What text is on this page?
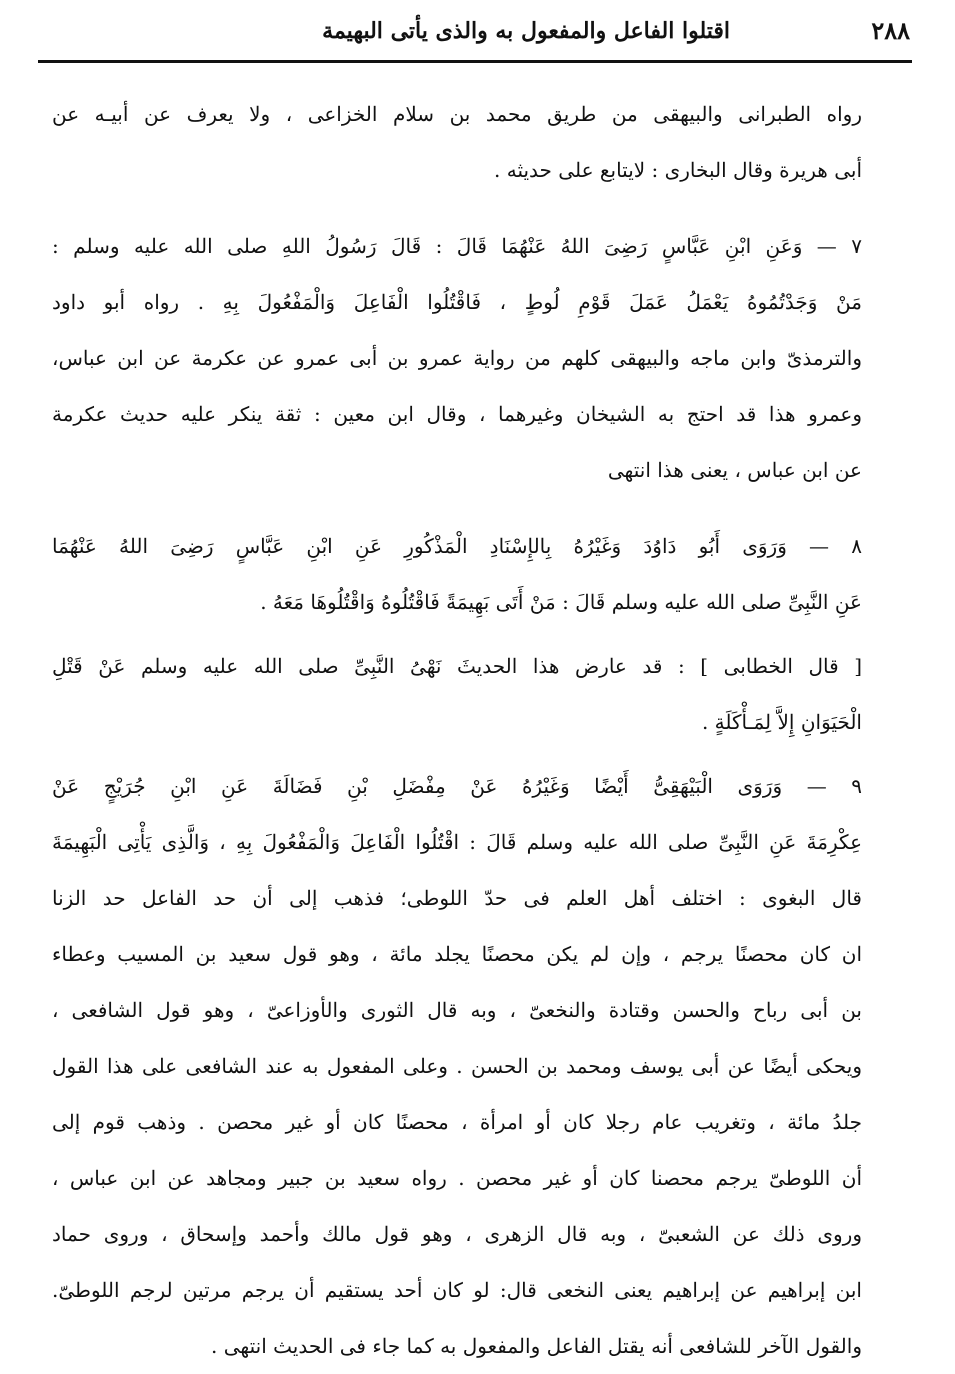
٢٨٨
اقتلوا الفاعل والمفعول به والذى يأتى البهيمة
رواه الطبرانى والبيهقى من طريق محمد بن سلام الخزاعى ، ولا يعرف عن أبيـه عن
أبى هريرة وقال البخارى : لايتابع على حديثه .
٧ — وَعَنِ ابْنِ عَبَّاسٍ رَضِىَ اللهُ عَنْهُمَا قَالَ : قَالَ رَسُولُ اللهِ صلى الله عليه وسلم :
مَنْ وَجَدْتُمُوهُ يَعْمَلُ عَمَلَ قَوْمِ لُوطٍ ، فَاقْتُلُوا الْفَاعِلَ وَالْمَفْعُولَ بِهِ . رواه أبو داود
والترمذىّ وابن ماجه والبيهقى كلهم من رواية عمرو بن أبى عمرو عن عكرمة عن ابن عباس،
وعمرو هذا قد احتج به الشيخان وغيرهما ، وقال ابن معين : ثقة ينكر عليه حديث عكرمة
عن ابن عباس ، يعنى هذا انتهى
٨ — وَرَوَى أَبُو دَاوُدَ وَغَيْرُهُ بِالإِسْنَادِ الْمَذْكُورِ عَنِ ابْنِ عَبَّاسٍ رَضِىَ اللهُ عَنْهُمَا
عَنِ النَّبِىِّ صلى الله عليه وسلم قَالَ : مَنْ أَتَى بَهِيمَةً فَاقْتُلُوهُ وَاقْتُلُوهَا مَعَهُ .
[ قال الخطابى ] : قد عارض هذا الحديثَ نَهْىُ النَّبِىِّ صلى الله عليه وسلم عَنْ قَتْلِ
الْحَيَوَانِ إِلاَّ لِمَـأْكَلَةٍ .
٩ — وَرَوَى الْبَيْهَقِىُّ أَيْضًا وَغَيْرُهُ عَنْ مِفْضَلِ بْنِ فَضَالَةَ عَنِ ابْنِ جُرَيْجٍ عَنْ
عِكْرِمَةَ عَنِ النَّبِىِّ صلى الله عليه وسلم قَالَ : اقْتُلُوا الْفَاعِلَ وَالْمَفْعُولَ بِهِ ، وَالَّذِى يَأْتِى الْبَهِيمَةَ
قال البغوى : اختلف أهل العلم فى حدّ اللوطى؛ فذهب إلى أن حد الفاعل حد الزنا
ان كان محصنًا يرجم ، وإن لم يكن محصنًا يجلد مائة ، وهو قول سعيد بن المسيب وعطاء
بن أبى رباح والحسن وقتادة والنخعىّ ، وبه قال الثورى والأوزاعىّ ، وهو قول الشافعى ،
ويحكى أيضًا عن أبى يوسف ومحمد بن الحسن . وعلى المفعول به عند الشافعى على هذا القول
جلدُ مائة ، وتغريب عام رجلا كان أو امرأة ، محصنًا كان أو غير محصن . وذهب قوم إلى
أن اللوطىّ يرجم محصنا كان أو غير محصن . رواه سعيد بن جبير ومجاهد عن ابن عباس ،
وروى ذلك عن الشعبىّ ، وبه قال الزهرى ، وهو قول مالك وأحمد وإسحاق ، وروى حماد
ابن إبراهيم عن إبراهيم يعنى النخعى قال: لو كان أحد يستقيم أن يرجم مرتين لرجم اللوطىّ.
والقول الآخر للشافعى أنه يقتل الفاعل والمفعول به كما جاء فى الحديث انتهى .
